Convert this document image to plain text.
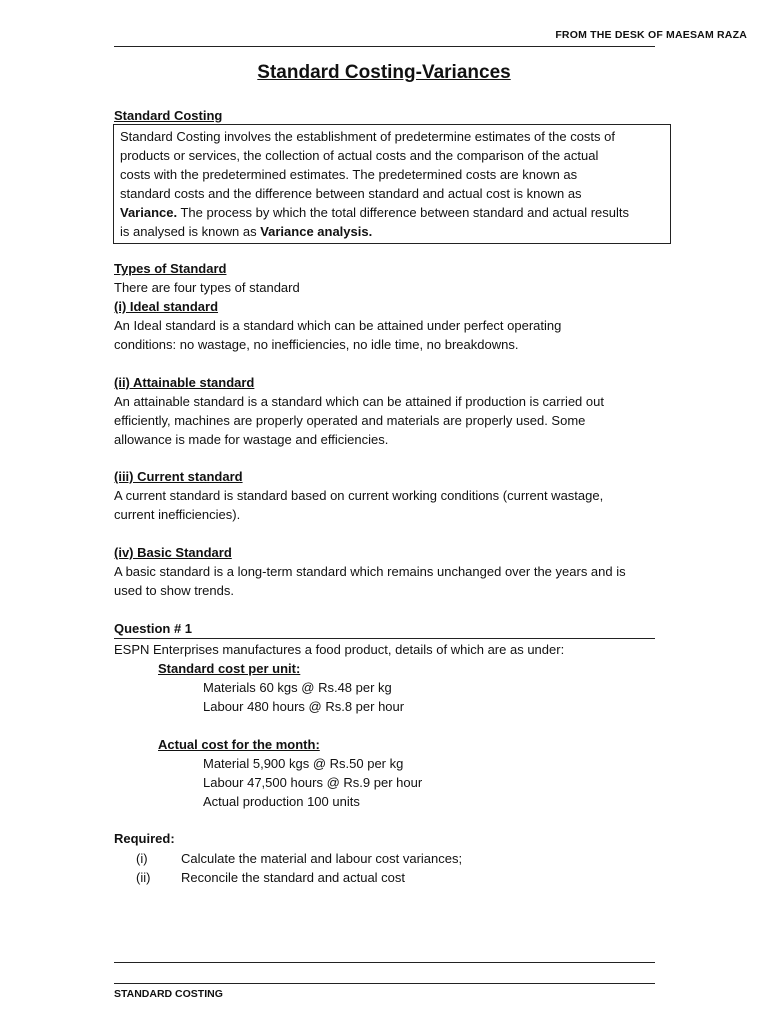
FROM THE DESK OF MAESAM RAZA
Standard Costing-Variances
Standard Costing
Standard Costing involves the establishment of predetermine estimates of the costs of
products or services, the collection of actual costs and the comparison of the actual
costs with the predetermined estimates. The predetermined costs are known as
standard costs and the difference between standard and actual cost is known as
Variance. The process by which the total difference between standard and actual results
is analysed is known as Variance analysis.
Types of Standard
There are four types of standard
(i) Ideal standard
An Ideal standard is a standard which can be attained under perfect operating
conditions: no wastage, no inefficiencies, no idle time, no breakdowns.
(ii) Attainable standard
An attainable standard is a standard which can be attained if production is carried out
efficiently, machines are properly operated and materials are properly used. Some
allowance is made for wastage and efficiencies.
(iii) Current standard
A current standard is standard based on current working conditions (current wastage,
current inefficiencies).
(iv) Basic Standard
A basic standard is a long-term standard which remains unchanged over the years and is
used to show trends.
Question # 1
ESPN Enterprises manufactures a food product, details of which are as under:
Standard cost per unit:
Materials 60 kgs @ Rs.48 per kg
Labour 480 hours @ Rs.8 per hour
Actual cost for the month:
Material 5,900 kgs @ Rs.50 per kg
Labour 47,500 hours @ Rs.9 per hour
Actual production 100 units
Required:
(i)	Calculate the material and labour cost variances;
(ii) Reconcile the standard and actual cost
STANDARD COSTING
